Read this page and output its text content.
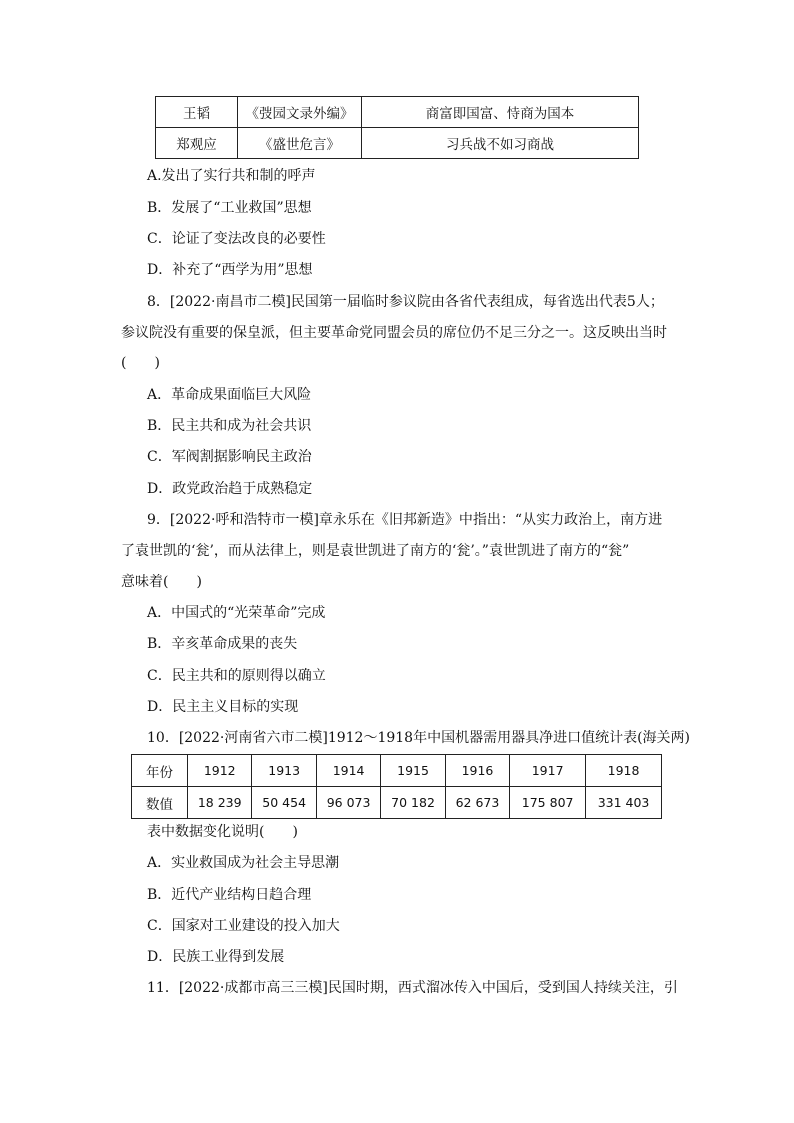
王韬	《弢园文录外编》	商富即国富、恃商为国本
郑观应	《盛世危言》	习兵战不如习商战
A.发出了实行共和制的呼声
B．发展了“工业救国”思想
C．论证了变法改良的必要性
D．补充了“西学为用”思想
8．[2022·南昌市二模]民国第一届临时参议院由各省代表组成，每省选出代表5人；
参议院没有重要的保皇派，但主要革命党同盟会员的席位仍不足三分之一。这反映出当时
(　　)
A．革命成果面临巨大风险
B．民主共和成为社会共识
C．军阀割据影响民主政治
D．政党政治趋于成熟稳定
9．[2022·呼和浩特市一模]章永乐在《旧邦新造》中指出：“从实力政治上，南方进
了袁世凯的‘瓮’，而从法律上，则是袁世凯进了南方的‘瓮’。”袁世凯进了南方的“瓮”
意味着(　　)
A．中国式的“光荣革命”完成
B．辛亥革命成果的丧失
C．民主共和的原则得以确立
D．民主主义目标的实现
10．[2022·河南省六市二模]1912～1918年中国机器需用器具净进口值统计表(海关两)
年份	1912	1913	1914	1915	1916	1917	1918
数值	18 239	50 454	96 073	70 182	62 673	175 807	331 403
表中数据变化说明(　　)
A．实业救国成为社会主导思潮
B．近代产业结构日趋合理
C．国家对工业建设的投入加大
D．民族工业得到发展
11．[2022·成都市高三三模]民国时期，西式溜冰传入中国后，受到国人持续关注，引
